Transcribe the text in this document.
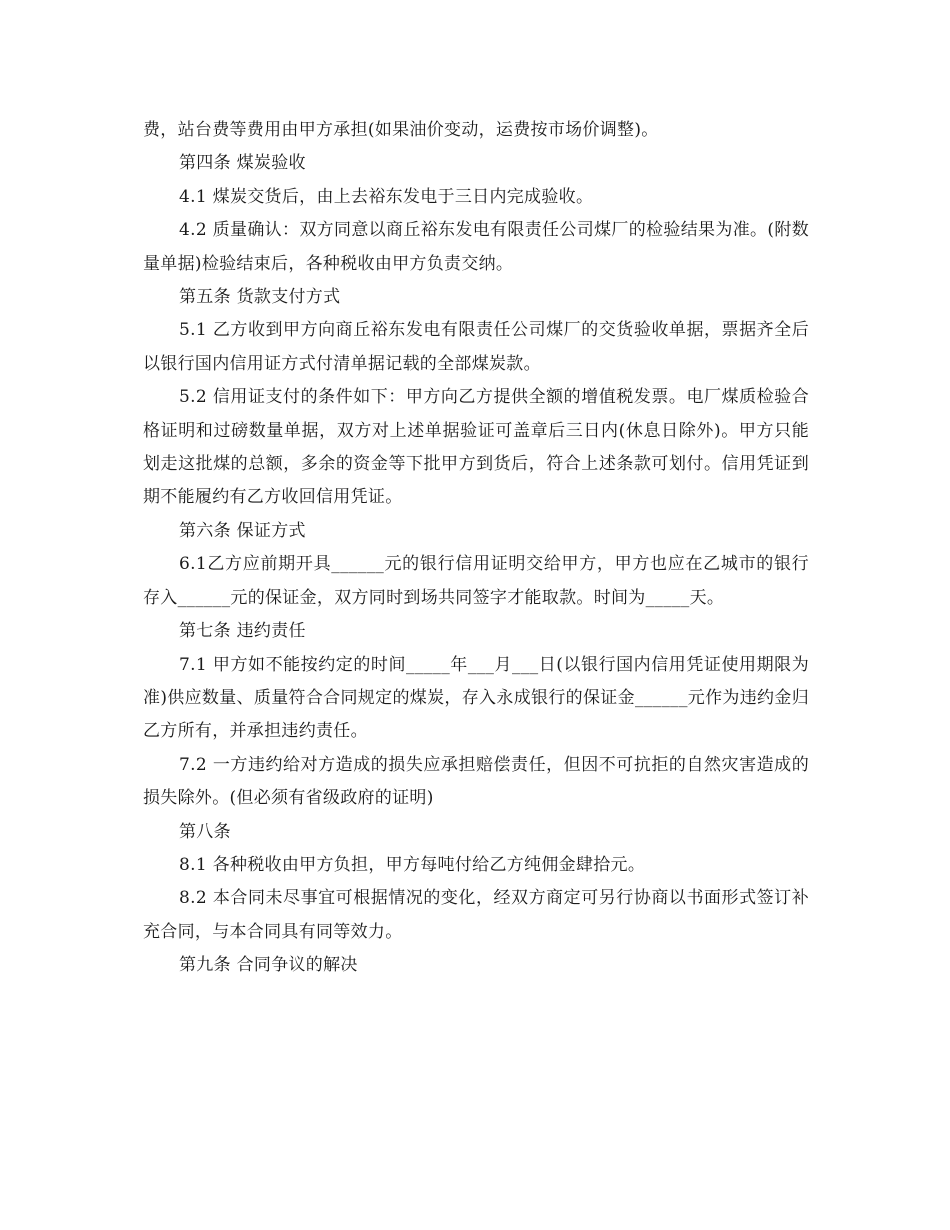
费，站台费等费用由甲方承担(如果油价变动，运费按市场价调整)。

第四条 煤炭验收

4.1 煤炭交货后，由上去裕东发电于三日内完成验收。

4.2 质量确认：双方同意以商丘裕东发电有限责任公司煤厂的检验结果为准。(附数量单据)检验结束后，各种税收由甲方负责交纳。

第五条 货款支付方式

5.1 乙方收到甲方向商丘裕东发电有限责任公司煤厂的交货验收单据，票据齐全后以银行国内信用证方式付清单据记载的全部煤炭款。

5.2 信用证支付的条件如下：甲方向乙方提供全额的增值税发票。电厂煤质检验合格证明和过磅数量单据，双方对上述单据验证可盖章后三日内(休息日除外)。甲方只能划走这批煤的总额，多余的资金等下批甲方到货后，符合上述条款可划付。信用凭证到期不能履约有乙方收回信用凭证。

第六条 保证方式

6.1乙方应前期开具______元的银行信用证明交给甲方，甲方也应在乙城市的银行存入______元的保证金，双方同时到场共同签字才能取款。时间为_____天。

第七条 违约责任

7.1 甲方如不能按约定的时间_____年___月___日(以银行国内信用凭证使用期限为准)供应数量、质量符合合同规定的煤炭，存入永成银行的保证金______元作为违约金归乙方所有，并承担违约责任。

7.2 一方违约给对方造成的损失应承担赔偿责任，但因不可抗拒的自然灾害造成的损失除外。(但必须有省级政府的证明)

第八条

8.1 各种税收由甲方负担，甲方每吨付给乙方纯佣金肆拾元。

8.2 本合同未尽事宜可根据情况的变化，经双方商定可另行协商以书面形式签订补充合同，与本合同具有同等效力。

第九条 合同争议的解决
